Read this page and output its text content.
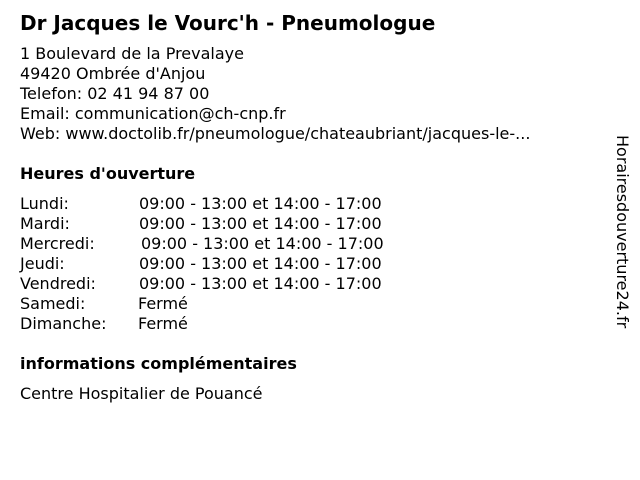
Dr Jacques le Vourc'h - Pneumologue
1 Boulevard de la Prevalaye
49420 Ombrée d'Anjou
Telefon: 02 41 94 87 00
Email: communication@ch-cnp.fr
Web: www.doctolib.fr/pneumologue/chateaubriant/jacques-le-...
Heures d'ouverture
Lundi:	09:00 - 13:00 et 14:00 - 17:00
Mardi:	09:00 - 13:00 et 14:00 - 17:00
Mercredi:	09:00 - 13:00 et 14:00 - 17:00
Jeudi:	09:00 - 13:00 et 14:00 - 17:00
Vendredi:	09:00 - 13:00 et 14:00 - 17:00
Samedi:	Fermé
Dimanche: Fermé
informations complémentaires
Centre Hospitalier de Pouancé
Horairesdouverture24.fr
